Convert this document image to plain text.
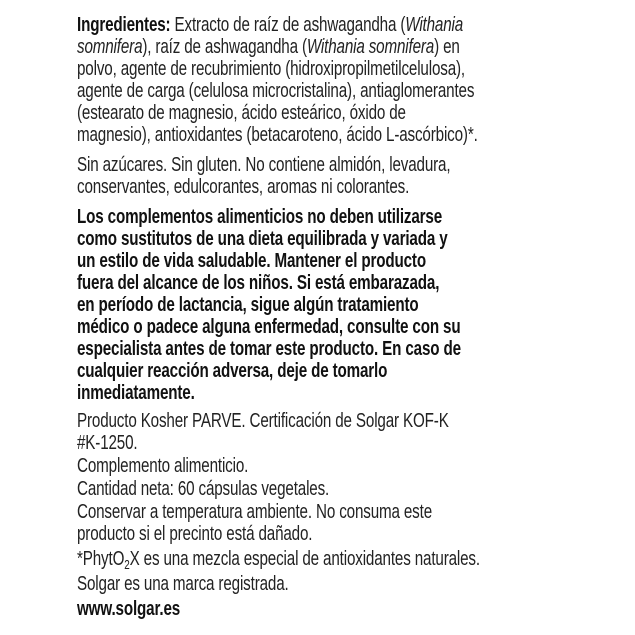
Ingredientes: Extracto de raíz de ashwagandha (Withania
somnifera), raíz de ashwagandha (Withania somnifera) en
polvo, agente de recubrimiento (hidroxipropilmetilcelulosa),
agente de carga (celulosa microcristalina), antiaglomerantes
(estearato de magnesio, ácido esteárico, óxido de
magnesio), antioxidantes (betacaroteno, ácido L-ascórbico)*.
Sin azúcares. Sin gluten. No contiene almidón, levadura,
conservantes, edulcorantes, aromas ni colorantes.
Los complementos alimenticios no deben utilizarse
como sustitutos de una dieta equilibrada y variada y
un estilo de vida saludable. Mantener el producto
fuera del alcance de los niños. Si está embarazada,
en período de lactancia, sigue algún tratamiento
médico o padece alguna enfermedad, consulte con su
especialista antes de tomar este producto. En caso de
cualquier reacción adversa, deje de tomarlo
inmediatamente.
Producto Kosher PARVE. Certificación de Solgar KOF-K
#K-1250.
Complemento alimenticio.
Cantidad neta: 60 cápsulas vegetales.
Conservar a temperatura ambiente. No consuma este
producto si el precinto está dañado.
*PhytO$_2$X es una mezcla especial de antioxidantes naturales.
Solgar es una marca registrada.
www.solgar.es
